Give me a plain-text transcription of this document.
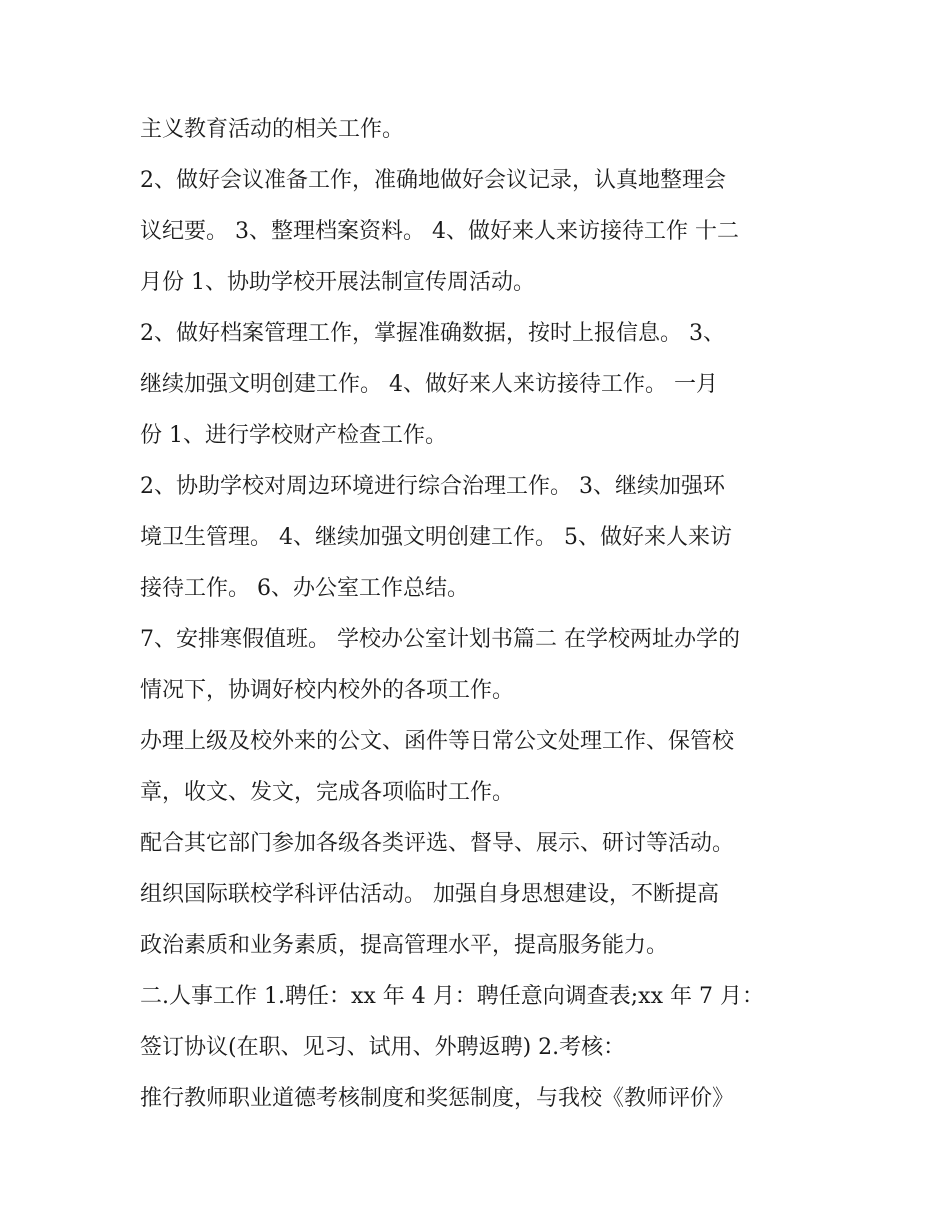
主义教育活动的相关工作。
2、做好会议准备工作，准确地做好会议记录，认真地整理会
议纪要。 3、整理档案资料。 4、做好来人来访接待工作 十二
月份 1、协助学校开展法制宣传周活动。
2、做好档案管理工作，掌握准确数据，按时上报信息。 3、
继续加强文明创建工作。 4、做好来人来访接待工作。 一月
份 1、进行学校财产检查工作。
2、协助学校对周边环境进行综合治理工作。 3、继续加强环
境卫生管理。 4、继续加强文明创建工作。 5、做好来人来访
接待工作。 6、办公室工作总结。
7、安排寒假值班。 学校办公室计划书篇二 在学校两址办学的
情况下，协调好校内校外的各项工作。
办理上级及校外来的公文、函件等日常公文处理工作、保管校
章，收文、发文，完成各项临时工作。
配合其它部门参加各级各类评选、督导、展示、研讨等活动。
组织国际联校学科评估活动。 加强自身思想建设，不断提高
政治素质和业务素质，提高管理水平，提高服务能力。
二.人事工作 1.聘任：xx 年 4 月：聘任意向调查表;xx 年 7 月：
签订协议(在职、见习、试用、外聘返聘) 2.考核：
推行教师职业道德考核制度和奖惩制度，与我校《教师评价》
